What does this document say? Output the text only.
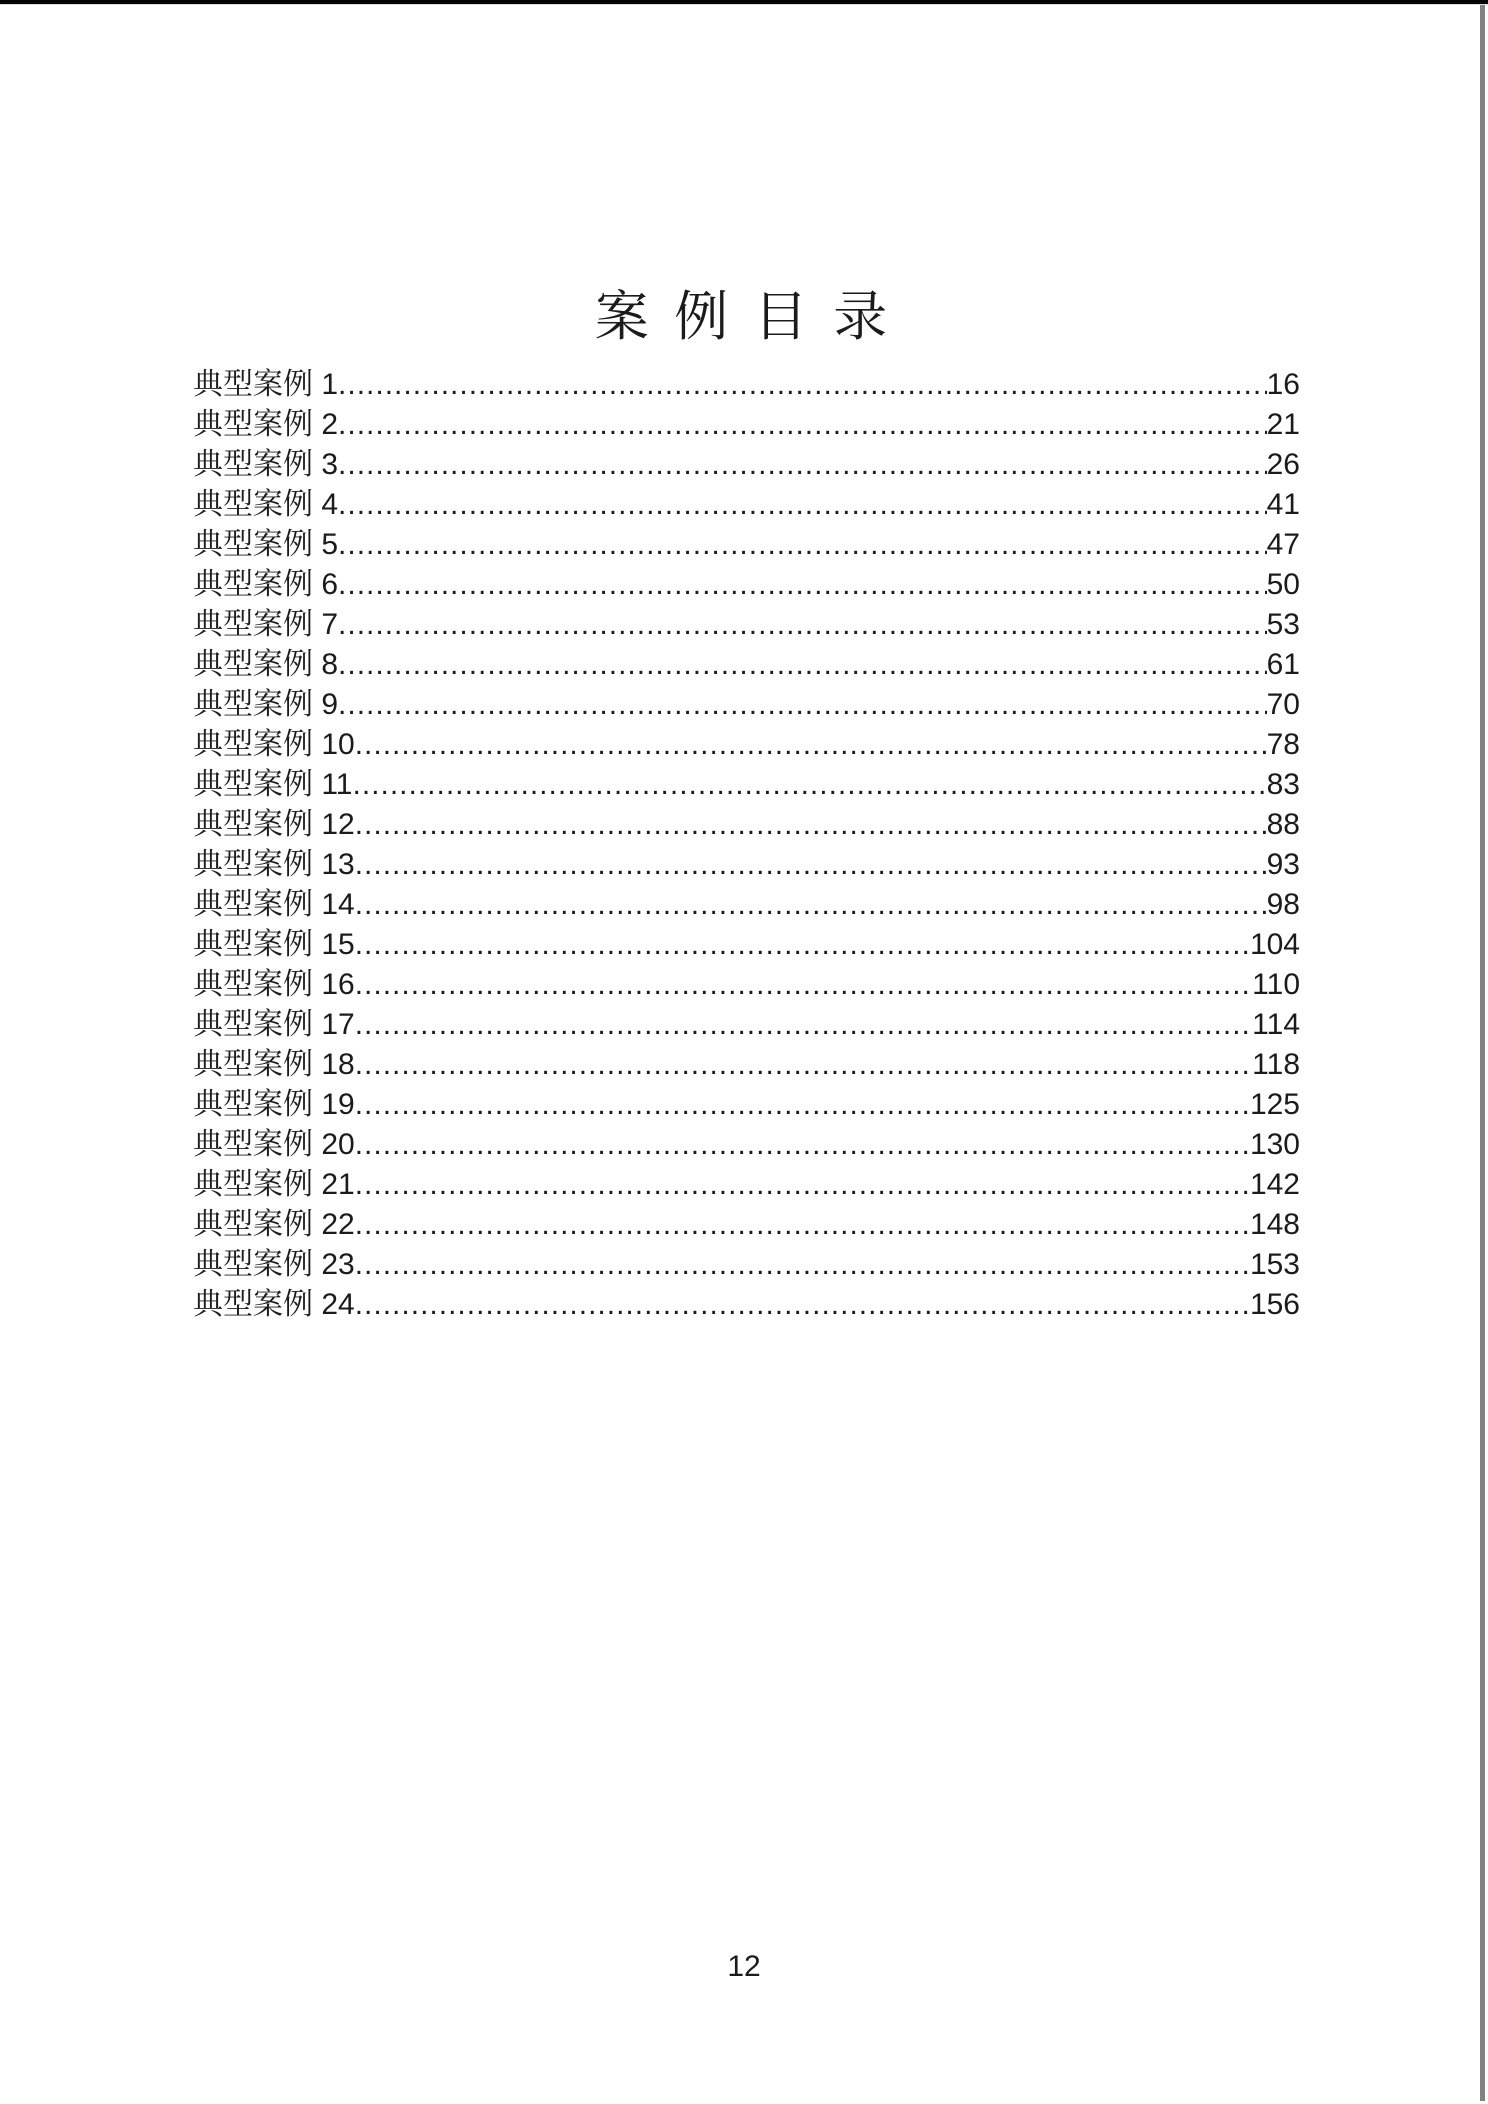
案 例 目 录
典型案例 1 .....	16
典型案例 2 .....	21
典型案例 3 .....	26
典型案例 4 .....	41
典型案例 5 .....	47
典型案例 6 .....	50
典型案例 7 .....	53
典型案例 8 .....	61
典型案例 9 .....	70
典型案例 10 .....	78
典型案例 11 .....	83
典型案例 12 .....	88
典型案例 13 .....	93
典型案例 14 .....	98
典型案例 15 .....	104
典型案例 16 .....	110
典型案例 17 .....	114
典型案例 18 .....	118
典型案例 19 .....	125
典型案例 20 .....	130
典型案例 21 .....	142
典型案例 22 .....	148
典型案例 23 .....	153
典型案例 24 .....	156
12
